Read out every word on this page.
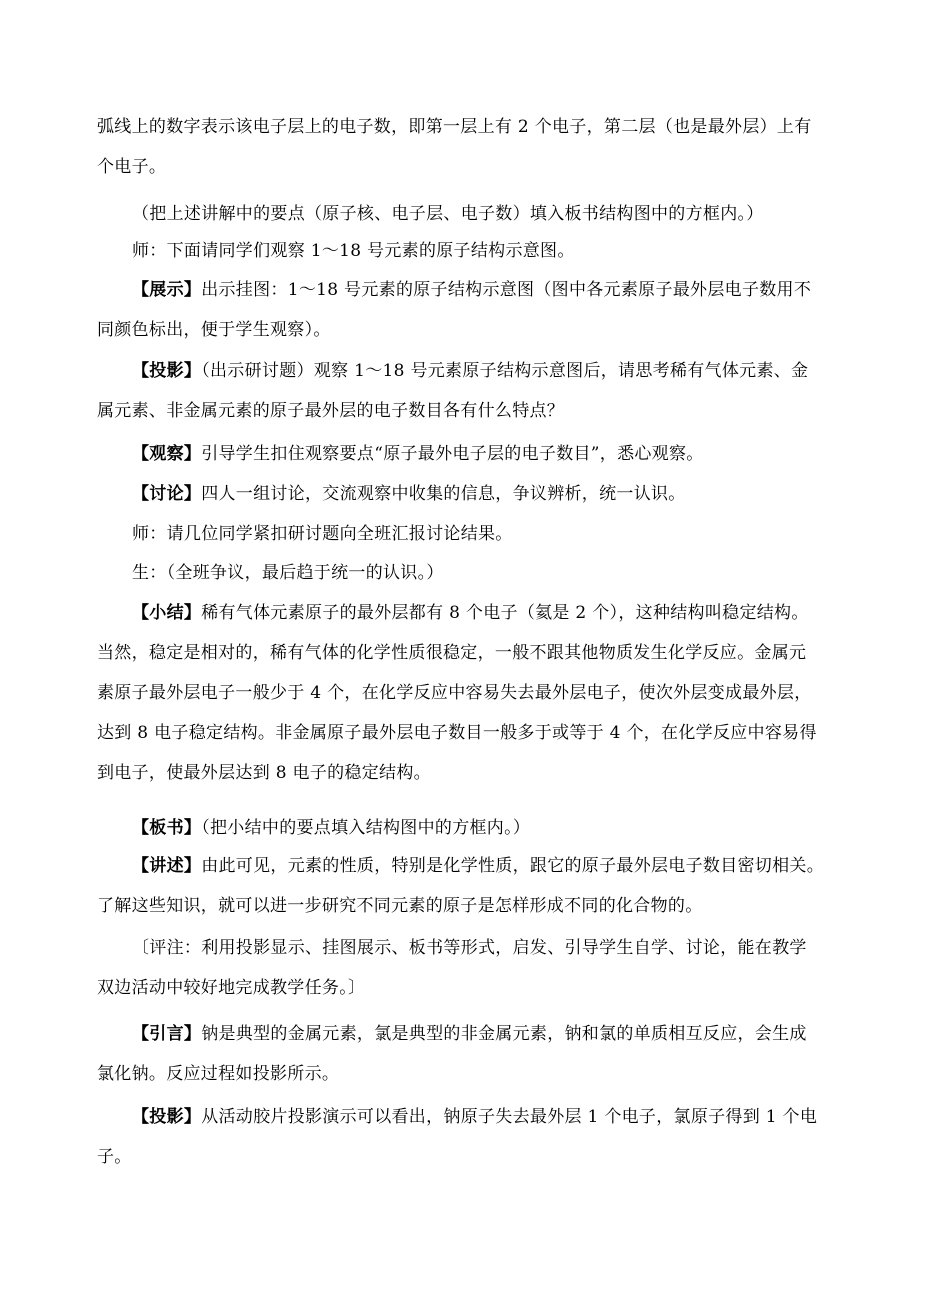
弧线上的数字表示该电子层上的电子数，即第一层上有 2 个电子，第二层（也是最外层）上有
个电子。

（把上述讲解中的要点（原子核、电子层、电子数）填入板书结构图中的方框内。）

师：下面请同学们观察 1～18 号元素的原子结构示意图。

【展示】出示挂图：1～18 号元素的原子结构示意图（图中各元素原子最外层电子数用不
同颜色标出，便于学生观察）。

【投影】（出示研讨题）观察 1～18 号元素原子结构示意图后，请思考稀有气体元素、金
属元素、非金属元素的原子最外层的电子数目各有什么特点？

【观察】引导学生扣住观察要点“原子最外电子层的电子数目”，悉心观察。

【讨论】四人一组讨论，交流观察中收集的信息，争议辨析，统一认识。

师：请几位同学紧扣研讨题向全班汇报讨论结果。

生：（全班争议，最后趋于统一的认识。）

【小结】稀有气体元素原子的最外层都有 8 个电子（氦是 2 个），这种结构叫稳定结构。
当然，稳定是相对的，稀有气体的化学性质很稳定，一般不跟其他物质发生化学反应。金属元
素原子最外层电子一般少于 4 个，在化学反应中容易失去最外层电子，使次外层变成最外层，
达到 8 电子稳定结构。非金属原子最外层电子数目一般多于或等于 4 个，在化学反应中容易得
到电子，使最外层达到 8 电子的稳定结构。

【板书】（把小结中的要点填入结构图中的方框内。）

【讲述】由此可见，元素的性质，特别是化学性质，跟它的原子最外层电子数目密切相关。
了解这些知识，就可以进一步研究不同元素的原子是怎样形成不同的化合物的。

〔评注：利用投影显示、挂图展示、板书等形式，启发、引导学生自学、讨论，能在教学
双边活动中较好地完成教学任务。〕

【引言】钠是典型的金属元素，氯是典型的非金属元素，钠和氯的单质相互反应，会生成
氯化钠。反应过程如投影所示。

【投影】从活动胶片投影演示可以看出，钠原子失去最外层 1 个电子，氯原子得到 1 个电
子。
